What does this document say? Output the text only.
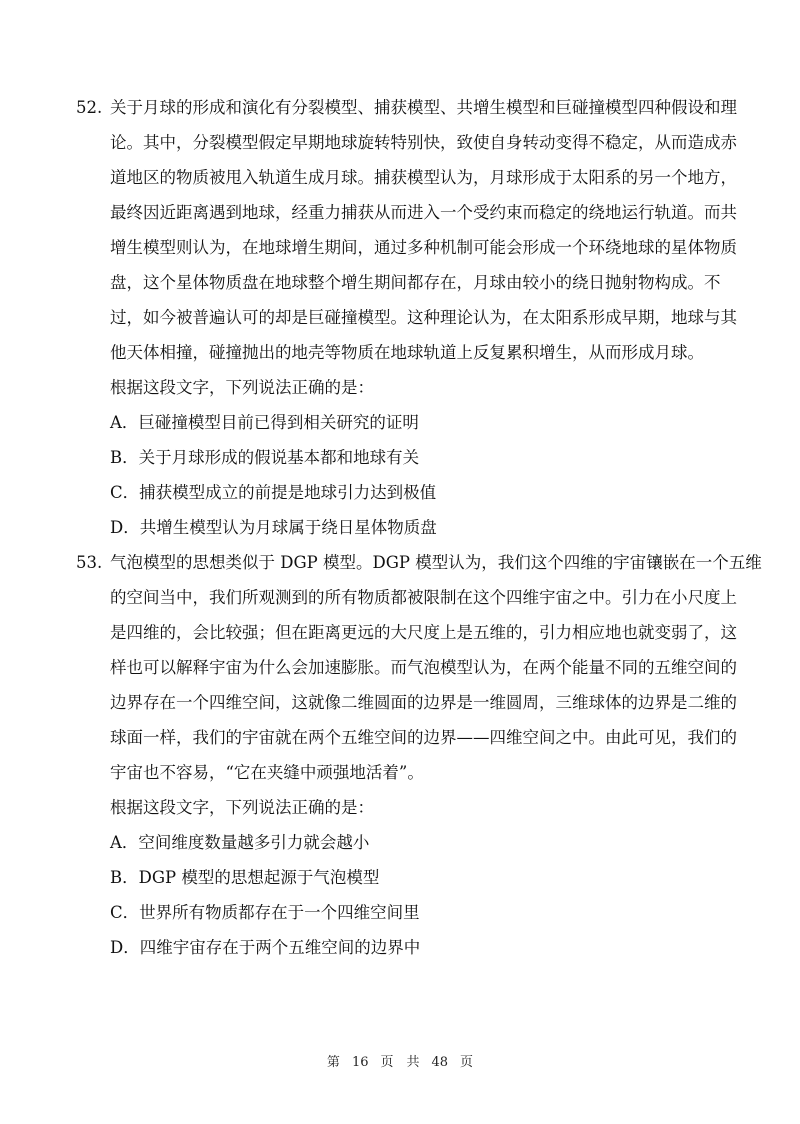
52. 关于月球的形成和演化有分裂模型、捕获模型、共增生模型和巨碰撞模型四种假设和理
论。其中，分裂模型假定早期地球旋转特别快，致使自身转动变得不稳定，从而造成赤
道地区的物质被甩入轨道生成月球。捕获模型认为，月球形成于太阳系的另一个地方，
最终因近距离遇到地球，经重力捕获从而进入一个受约束而稳定的绕地运行轨道。而共
增生模型则认为，在地球增生期间，通过多种机制可能会形成一个环绕地球的星体物质
盘，这个星体物质盘在地球整个增生期间都存在，月球由较小的绕日抛射物构成。不
过，如今被普遍认可的却是巨碰撞模型。这种理论认为，在太阳系形成早期，地球与其
他天体相撞，碰撞抛出的地壳等物质在地球轨道上反复累积增生，从而形成月球。
根据这段文字，下列说法正确的是：
A．巨碰撞模型目前已得到相关研究的证明
B．关于月球形成的假说基本都和地球有关
C．捕获模型成立的前提是地球引力达到极值
D．共增生模型认为月球属于绕日星体物质盘
53. 气泡模型的思想类似于 DGP 模型。DGP 模型认为，我们这个四维的宇宙镶嵌在一个五维
的空间当中，我们所观测到的所有物质都被限制在这个四维宇宙之中。引力在小尺度上
是四维的，会比较强；但在距离更远的大尺度上是五维的，引力相应地也就变弱了，这
样也可以解释宇宙为什么会加速膨胀。而气泡模型认为，在两个能量不同的五维空间的
边界存在一个四维空间，这就像二维圆面的边界是一维圆周，三维球体的边界是二维的
球面一样，我们的宇宙就在两个五维空间的边界——四维空间之中。由此可见，我们的
宇宙也不容易，“它在夹缝中顽强地活着”。
根据这段文字，下列说法正确的是：
A．空间维度数量越多引力就会越小
B．DGP 模型的思想起源于气泡模型
C．世界所有物质都存在于一个四维空间里
D．四维宇宙存在于两个五维空间的边界中
第 16 页　共 48 页
